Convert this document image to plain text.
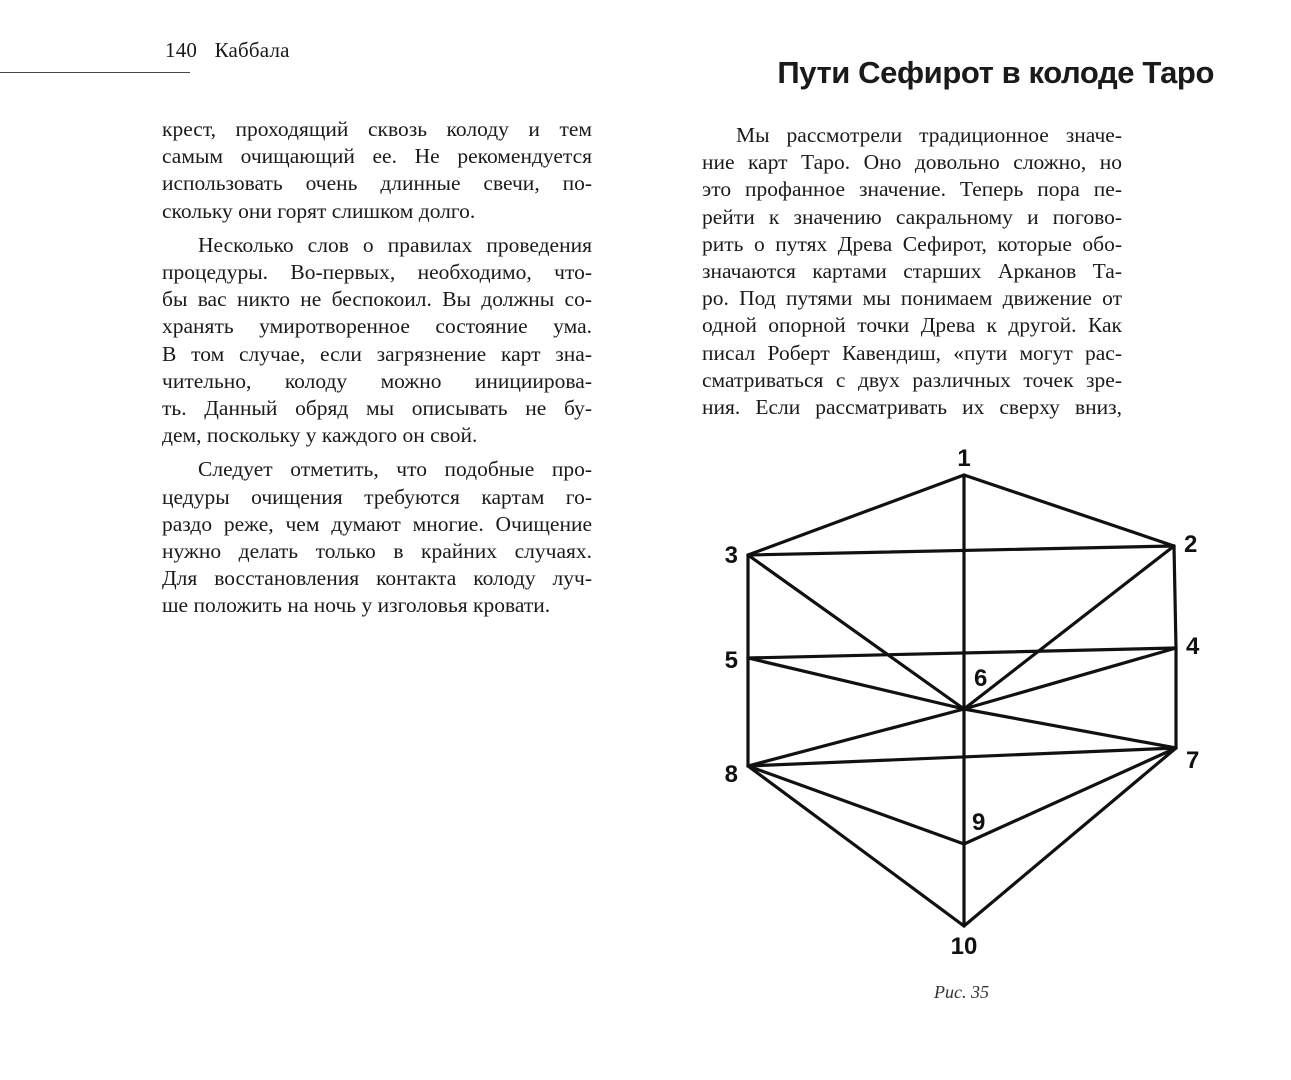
140 Каббала
Пути Сефирот в колоде Таро

крест, проходящий сквозь колоду и тем
самым очищающий ее. Не рекомендуется
использовать очень длинные свечи, по-
скольку они горят слишком долго.

Несколько слов о правилах проведения
процедуры. Во-первых, необходимо, что-
бы вас никто не беспокоил. Вы должны со-
хранять умиротворенное состояние ума.
В том случае, если загрязнение карт зна-
чительно, колоду можно инициирова-
ть. Данный обряд мы описывать не бу-
дем, поскольку у каждого он свой.

Следует отметить, что подобные про-
цедуры очищения требуются картам го-
раздо реже, чем думают многие. Очищение
нужно делать только в крайних случаях.
Для восстановления контакта колоду луч-
ше положить на ночь у изголовья кровати.

Мы рассмотрели традиционное значе-
ние карт Таро. Оно довольно сложно, но
это профанное значение. Теперь пора пе-
рейти к значению сакральному и погово-
рить о путях Древа Сефирот, которые обо-
значаются картами старших Арканов Та-
ро. Под путями мы понимаем движение от
одной опорной точки Древа к другой. Как
писал Роберт Кавендиш, «пути могут рас-
сматриваться с двух различных точек зре-
ния. Если рассматривать их сверху вниз,

1
2
3
4
5
6
7
8
9
10
Рис. 35
